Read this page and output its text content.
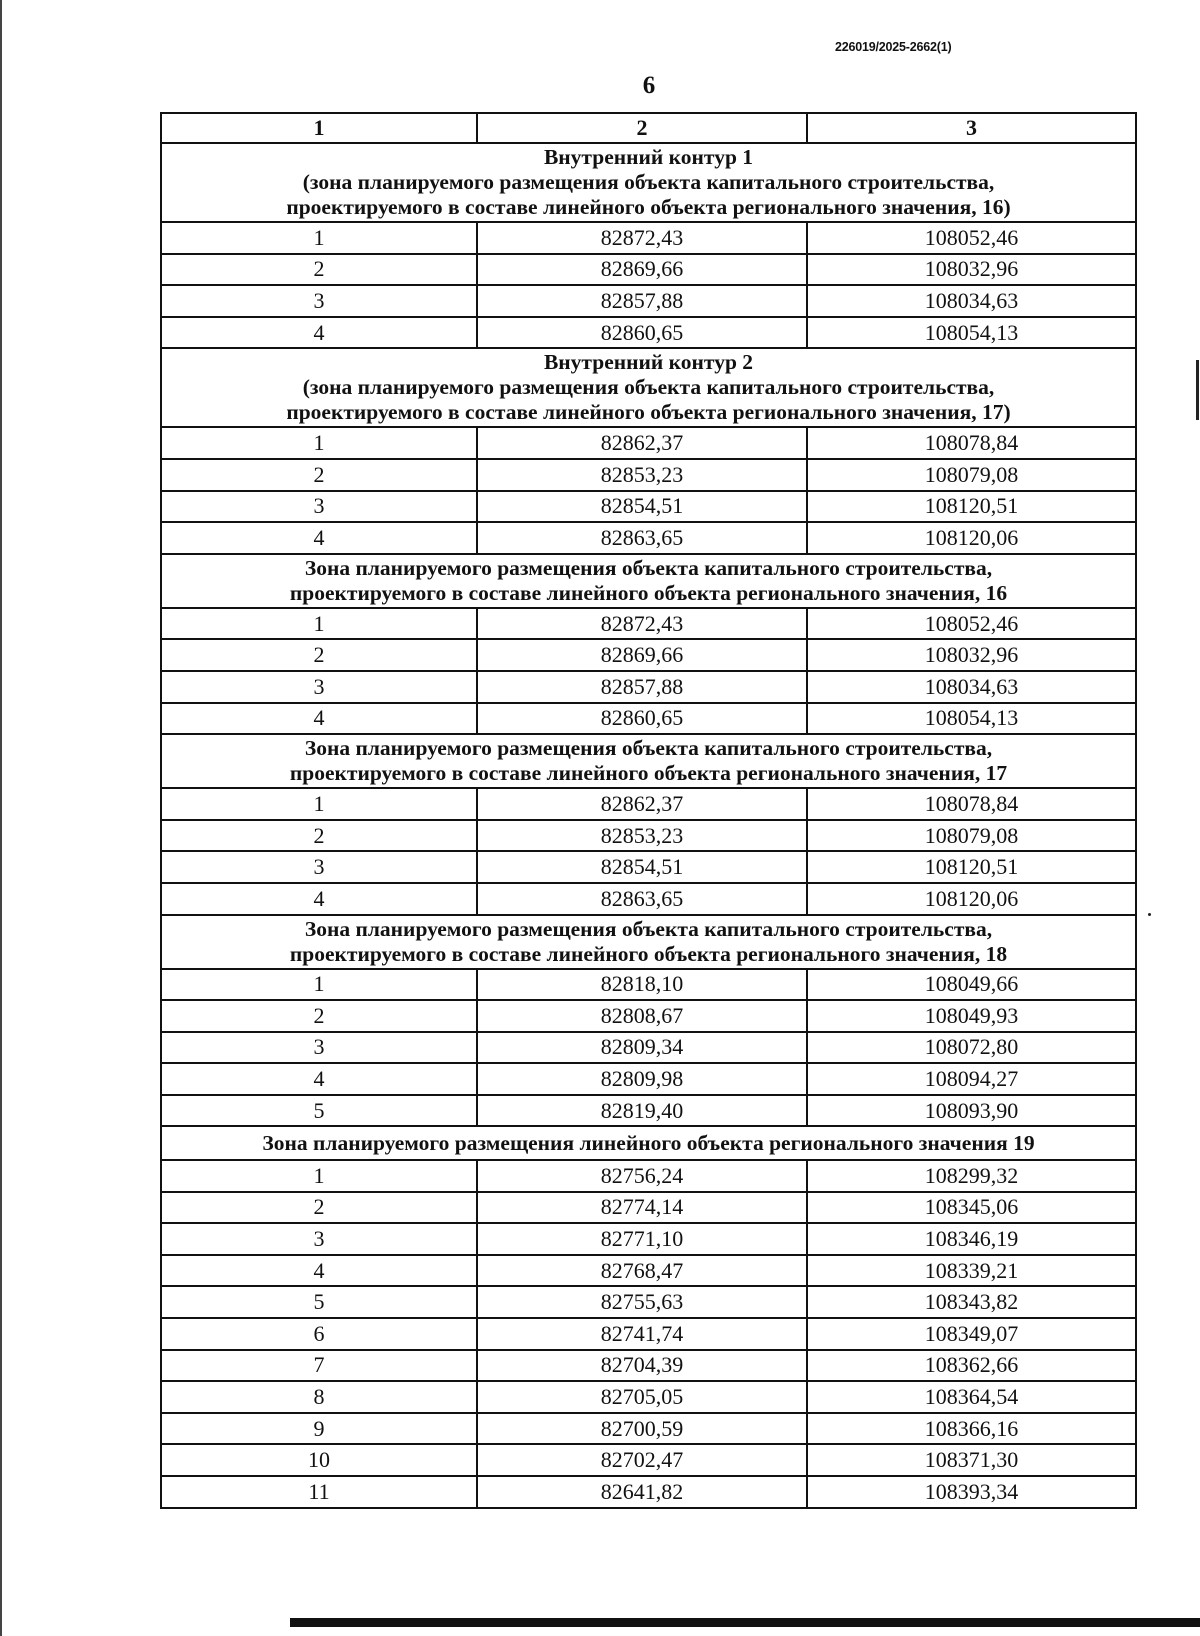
226019/2025-2662(1)
6
1	2	3

Внутренний контур 1
(зона планируемого размещения объекта капитального строительства,
проектируемого в составе линейного объекта регионального значения, 16)		

1	82872,43	108052,46
2	82869,66	108032,96
3	82857,88	108034,63
4	82860,65	108054,13

Внутренний контур 2
(зона планируемого размещения объекта капитального строительства,
проектируемого в составе линейного объекта регионального значения, 17)		

1	82862,37	108078,84
2	82853,23	108079,08
3	82854,51	108120,51
4	82863,65	108120,06

Зона планируемого размещения объекта капитального строительства,
проектируемого в составе линейного объекта регионального значения, 16		

1	82872,43	108052,46
2	82869,66	108032,96
3	82857,88	108034,63
4	82860,65	108054,13

Зона планируемого размещения объекта капитального строительства,
проектируемого в составе линейного объекта регионального значения, 17		

1	82862,37	108078,84
2	82853,23	108079,08
3	82854,51	108120,51
4	82863,65	108120,06

Зона планируемого размещения объекта капитального строительства,
проектируемого в составе линейного объекта регионального значения, 18		

1	82818,10	108049,66
2	82808,67	108049,93
3	82809,34	108072,80
4	82809,98	108094,27
5	82819,40	108093,90

Зона планируемого размещения линейного объекта регионального значения 19		

1	82756,24	108299,32
2	82774,14	108345,06
3	82771,10	108346,19
4	82768,47	108339,21
5	82755,63	108343,82
6	82741,74	108349,07
7	82704,39	108362,66
8	82705,05	108364,54
9	82700,59	108366,16
10	82702,47	108371,30
11	82641,82	108393,34
